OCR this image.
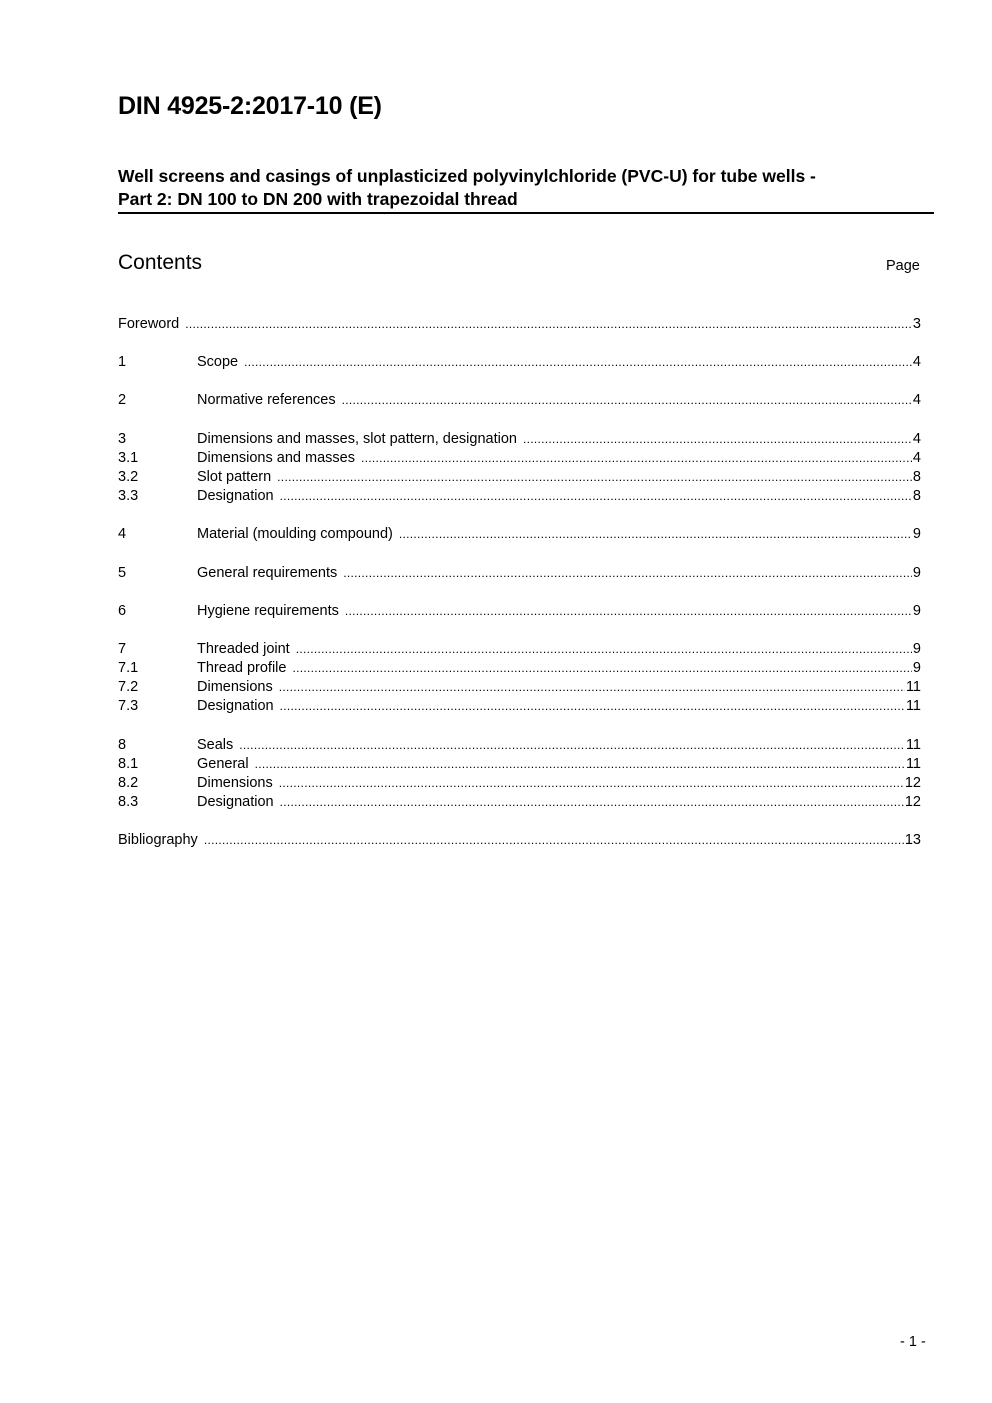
DIN 4925-2:2017-10 (E)
Well screens and casings of unplasticized polyvinylchloride (PVC-U) for tube wells -
Part 2: DN 100 to DN 200 with trapezoidal thread
Contents	Page
Foreword .....	3
1	Scope .....	4
2	Normative references .....	4
3	Dimensions and masses, slot pattern, designation .....	4
3.1	Dimensions and masses .....	4
3.2	Slot pattern .....	8
3.3	Designation .....	8
4	Material (moulding compound) .....	9
5	General requirements .....	9
6	Hygiene requirements .....	9
7	Threaded joint .....	9
7.1	Thread profile .....	9
7.2	Dimensions .....	11
7.3	Designation .....	11
8	Seals .....	11
8.1	General .....	11
8.2	Dimensions .....	12
8.3	Designation .....	12
Bibliography .....	13
- 1 -
